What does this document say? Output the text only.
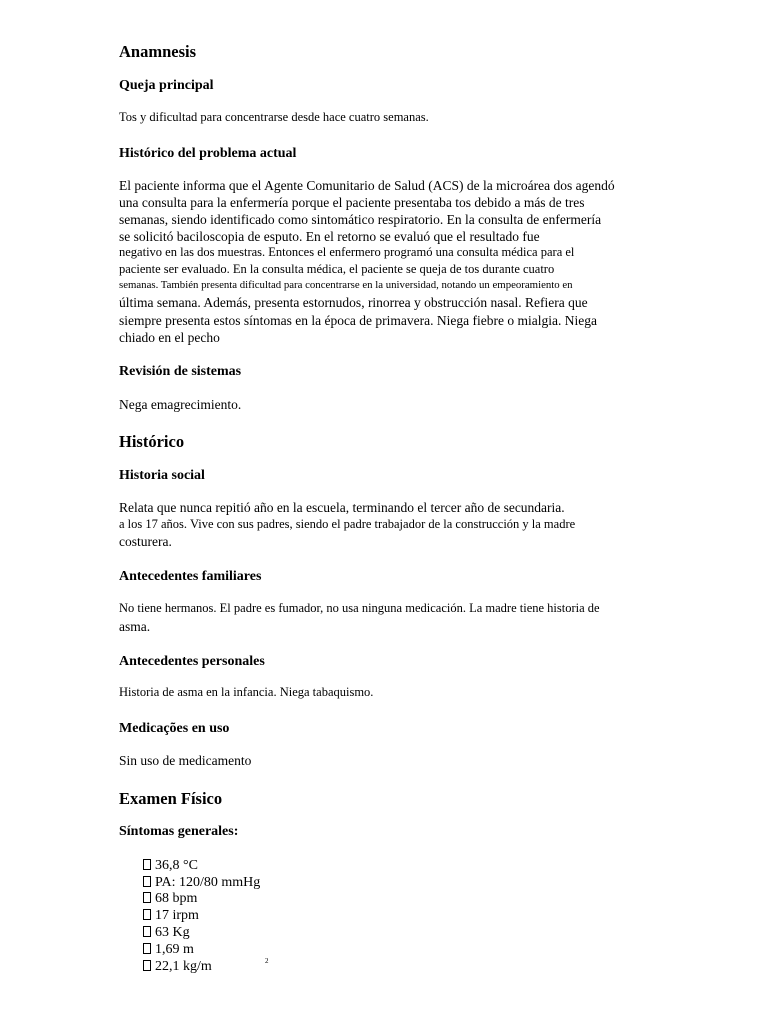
Anamnesis
Queja principal
Tos y dificultad para concentrarse desde hace cuatro semanas.
Histórico del problema actual
El paciente informa que el Agente Comunitario de Salud (ACS) de la microárea dos agendó
una consulta para la enfermería porque el paciente presentaba tos debido a más de tres
semanas, siendo identificado como sintomático respiratorio. En la consulta de enfermería
se solicitó baciloscopia de esputo. En el retorno se evaluó que el resultado fue
negativo en las dos muestras. Entonces el enfermero programó una consulta médica para el
paciente ser evaluado. En la consulta médica, el paciente se queja de tos durante cuatro
semanas. También presenta dificultad para concentrarse en la universidad, notando un empeoramiento en
última semana. Además, presenta estornudos, rinorrea y obstrucción nasal. Refiera que
siempre presenta estos síntomas en la época de primavera. Niega fiebre o mialgia. Niega
chiado en el pecho
Revisión de sistemas
Nega emagrecimiento.
Histórico
Historia social
Relata que nunca repitió año en la escuela, terminando el tercer año de secundaria.
a los 17 años. Vive con sus padres, siendo el padre trabajador de la construcción y la madre
costurera.
Antecedentes familiares
No tiene hermanos. El padre es fumador, no usa ninguna medicación. La madre tiene historia de
asma.
Antecedentes personales
Historia de asma en la infancia. Niega tabaquismo.
Medicações en uso
Sin uso de medicamento
Examen Físico
Síntomas generales:
36,8 °C
PA: 120/80 mmHg
68 bpm
17 irpm
63 Kg
1,69 m
22,1 kg/m	2
